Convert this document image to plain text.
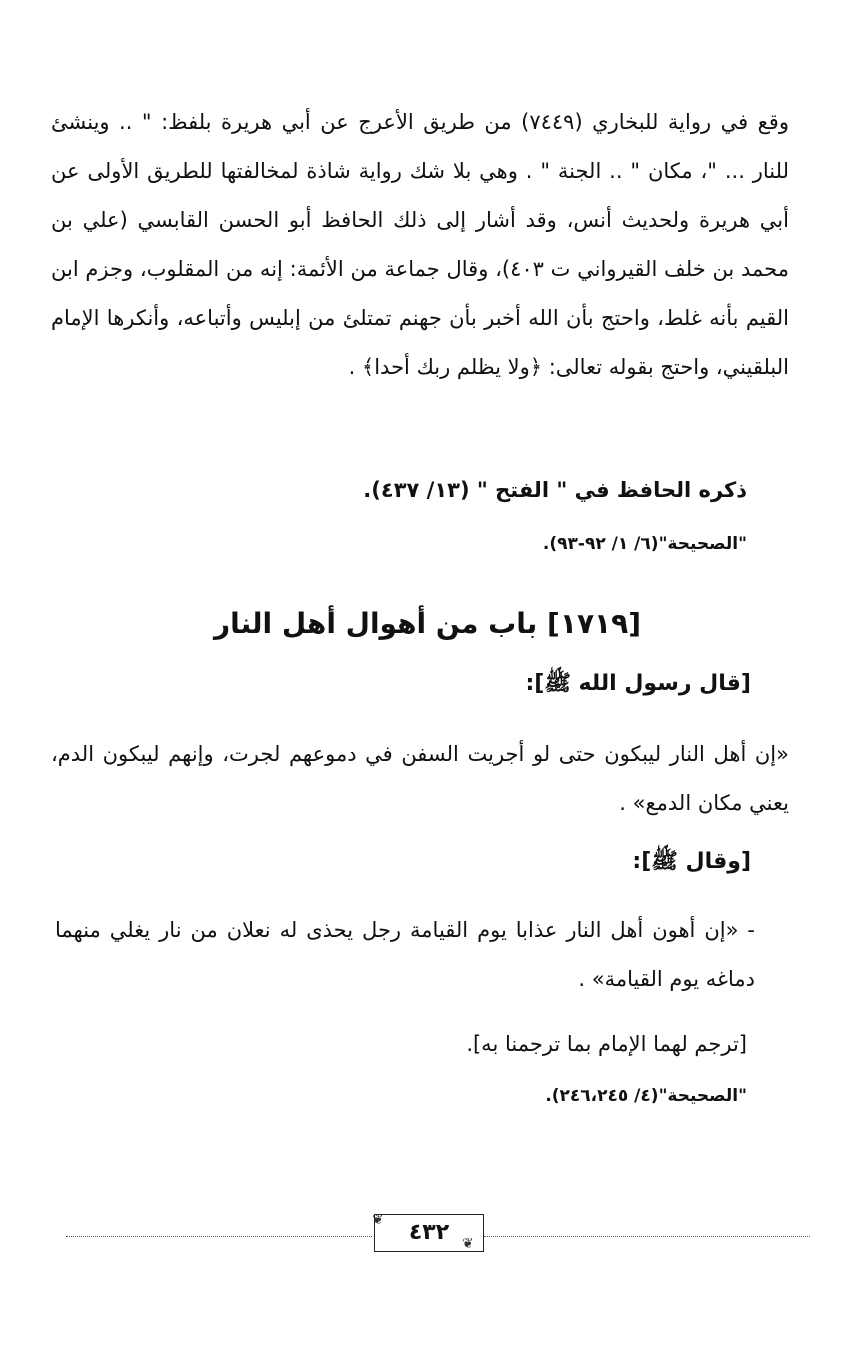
وقع في رواية للبخاري (٧٤٤٩) من طريق الأعرج عن أبي هريرة بلفظ: " .. وينشئ للنار ... "، مكان " .. الجنة " . وهي بلا شك رواية شاذة لمخالفتها للطريق الأولى عن أبي هريرة ولحديث أنس، وقد أشار إلى ذلك الحافظ أبو الحسن القابسي (علي بن محمد بن خلف القيرواني ت ٤٠٣)، وقال جماعة من الأئمة: إنه من المقلوب، وجزم ابن القيم بأنه غلط، واحتج بأن الله أخبر بأن جهنم تمتلئ من إبليس وأتباعه، وأنكرها الإمام البلقيني، واحتج بقوله تعالى: ﴿ولا يظلم ربك أحدا﴾ .
ذكره الحافظ في " الفتح " (١٣/ ٤٣٧).
"الصحيحة"(٦/ ١/ ٩٢-٩٣).
[١٧١٩] باب من أهوال أهل النار
[قال رسول الله ﷺ]:
«إن أهل النار ليبكون حتى لو أجريت السفن في دموعهم لجرت، وإنهم ليبكون الدم، يعني مكان الدمع» .
[وقال ﷺ]:
- «إن أهون أهل النار عذابا يوم القيامة رجل يحذى له نعلان من نار يغلي منهما دماغه يوم القيامة» .
[ترجم لهما الإمام بما ترجمنا به].
"الصحيحة"(٤/ ٢٤٦،٢٤٥).
٤٣٢
❦
❦
